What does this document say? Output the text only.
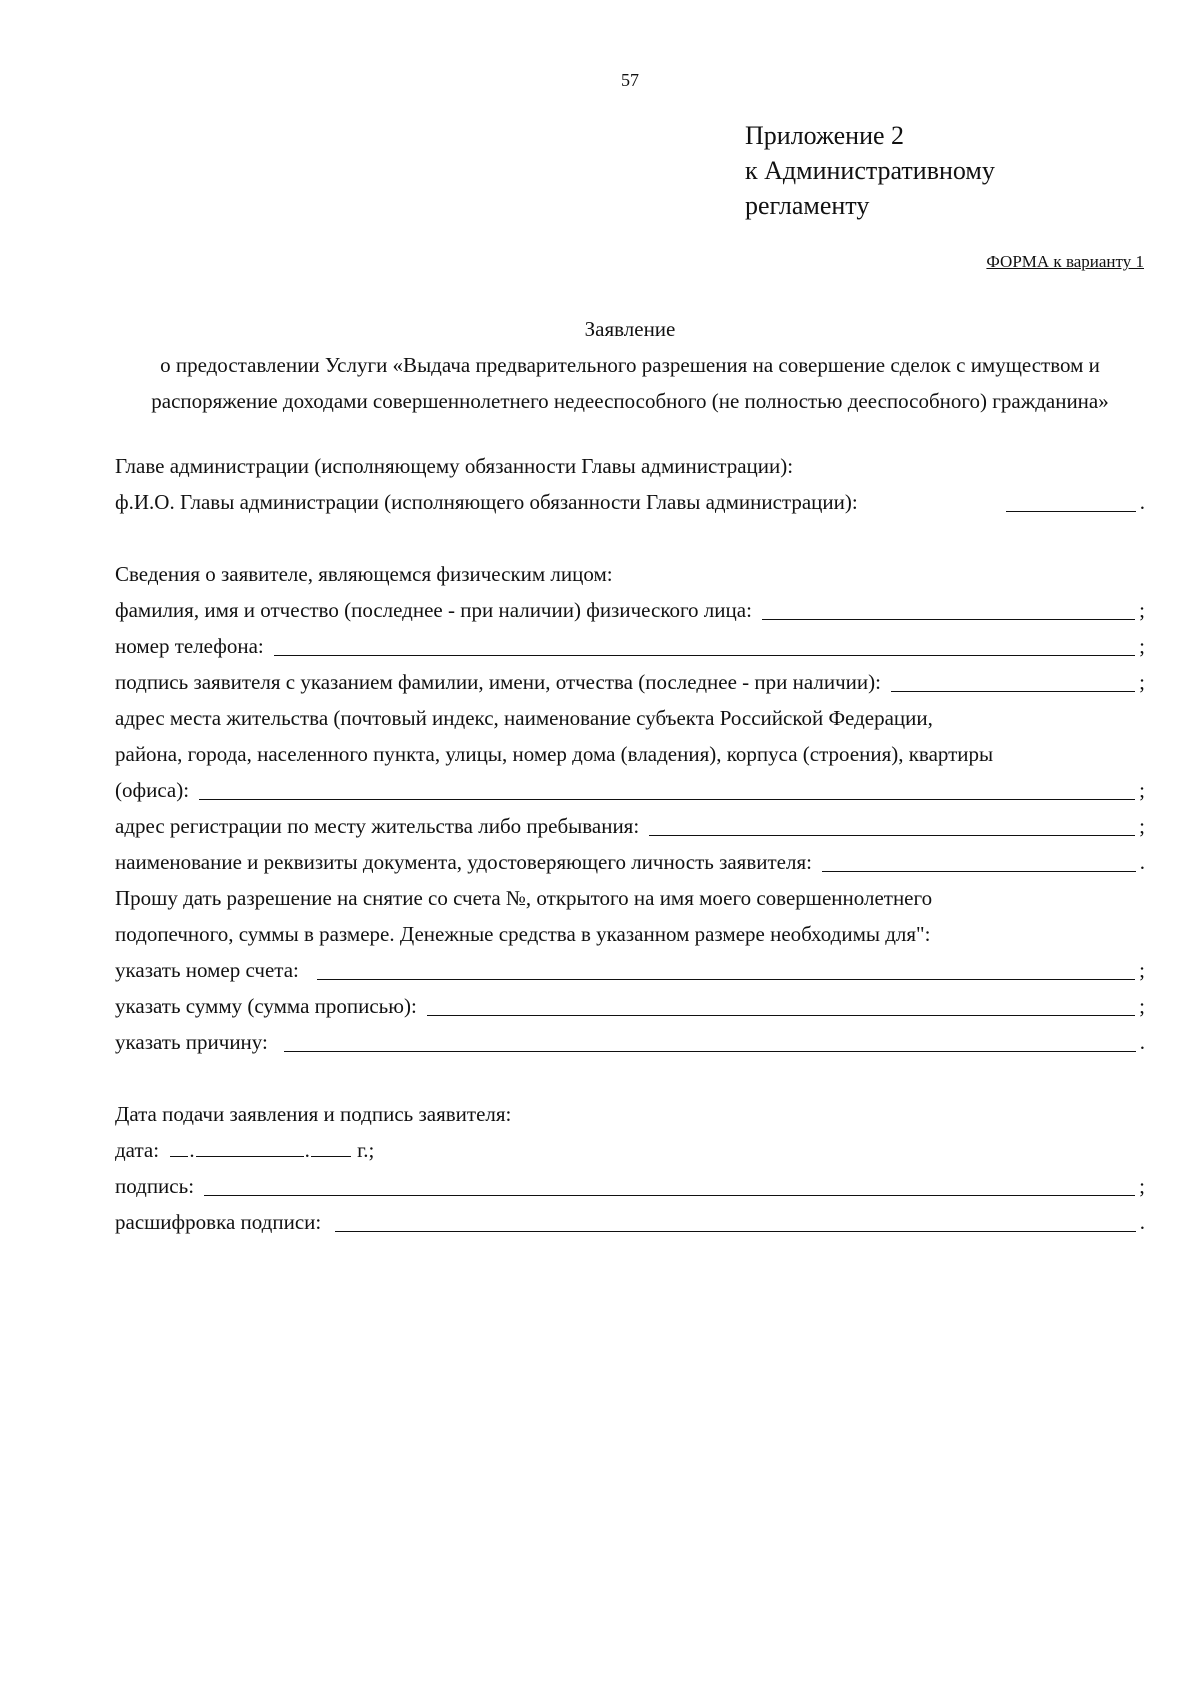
57
Приложение 2
к Административному
регламенту
ФОРМА к варианту 1
Заявление
о предоставлении Услуги «Выдача предварительного разрешения на совершение сделок с имуществом и распоряжение доходами совершеннолетнего недееспособного (не полностью дееспособного) гражданина»
Главе администрации (исполняющему обязанности Главы администрации):
ф.И.О. Главы администрации (исполняющего обязанности Главы администрации):	.
Сведения о заявителе, являющемся физическим лицом:
фамилия, имя и отчество (последнее - при наличии) физического лица:	;
номер телефона:	;
подпись заявителя с указанием фамилии, имени, отчества (последнее - при наличии):	;
адрес места жительства (почтовый индекс, наименование субъекта Российской Федерации,
района, города, населенного пункта, улицы, номер дома (владения), корпуса (строения), квартиры
(офиса):	;
адрес регистрации по месту жительства либо пребывания:	;
наименование и реквизиты документа, удостоверяющего личность заявителя:	.
Прошу дать разрешение на снятие со счета №, открытого на имя моего совершеннолетнего
подопечного, суммы в размере. Денежные средства в указанном размере необходимы для":
указать номер счета:	;
указать сумму (сумма прописью):	;
указать причину:	.
Дата подачи заявления и подпись заявителя:
дата: .	. г.;
подпись:	;
расшифровка подписи:	.
